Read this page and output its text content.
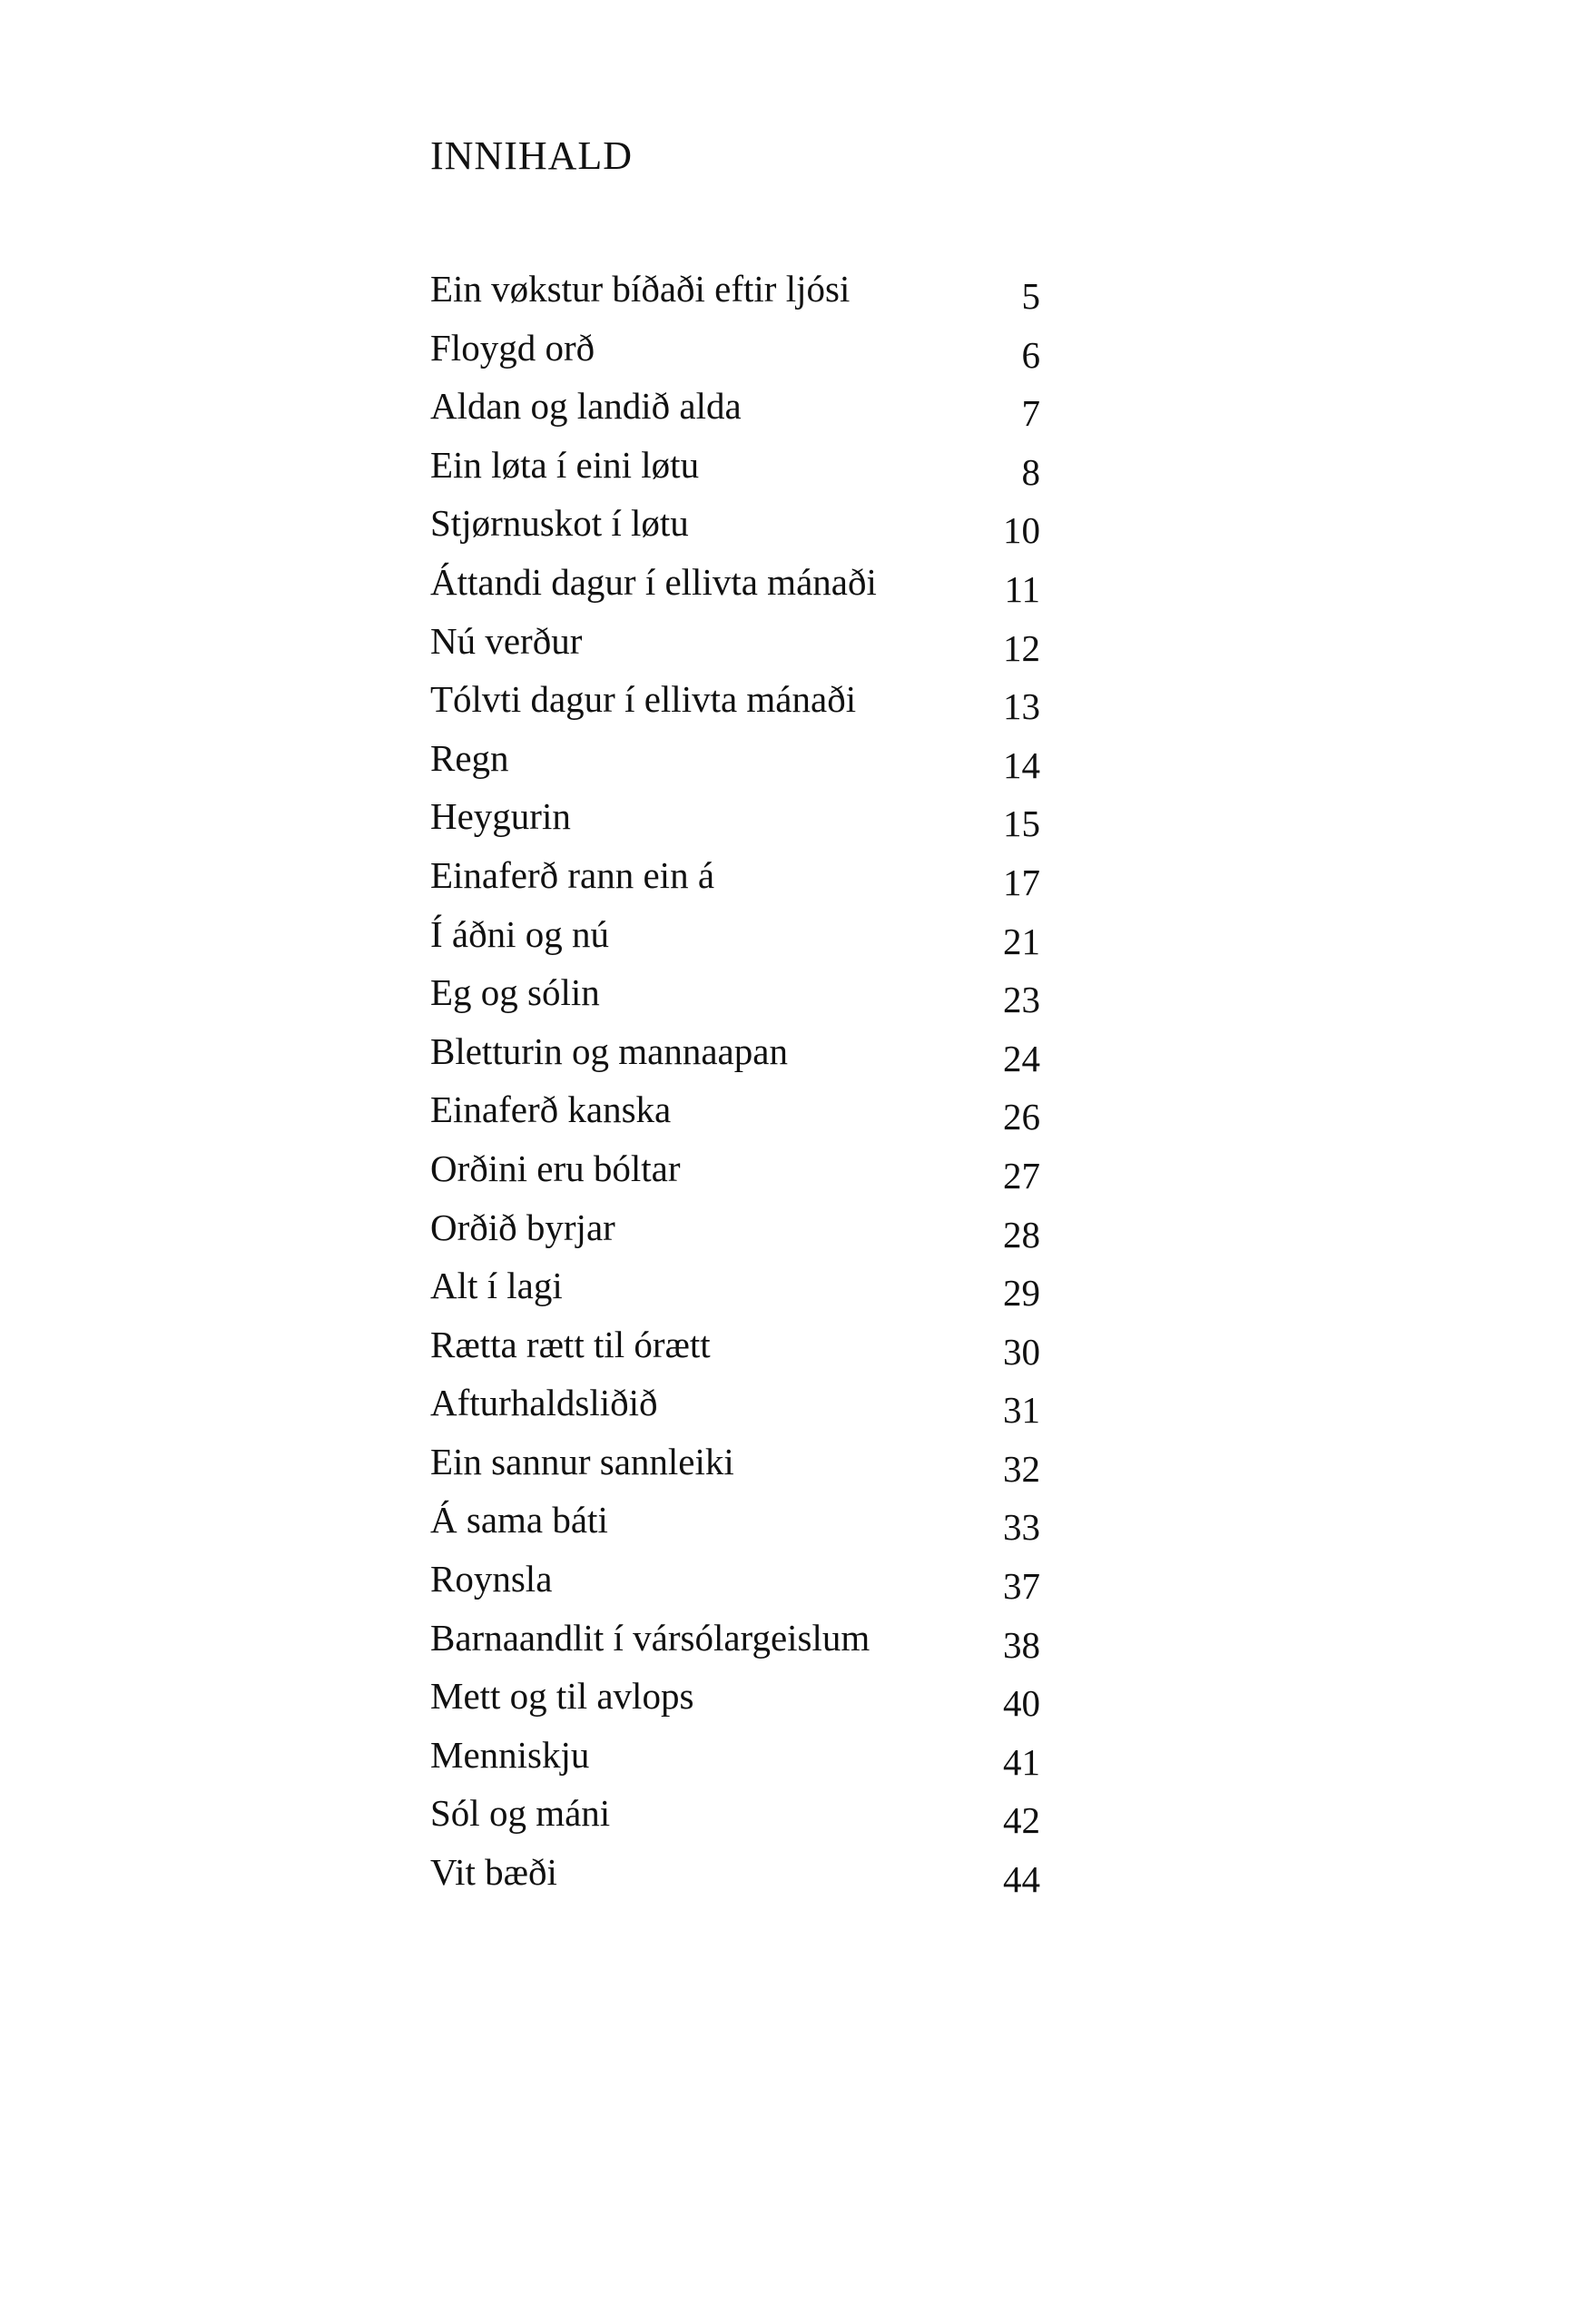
INNIHALD
Ein vøkstur bíðaði eftir ljósi	5
Floygd orð	6
Aldan og landið alda	7
Ein løta í eini løtu	8
Stjørnuskot í løtu	10
Áttandi dagur í ellivta mánaði	11
Nú verður	12
Tólvti dagur í ellivta mánaði	13
Regn	14
Heygurin	15
Einaferð rann ein á	17
Í áðni og nú	21
Eg og sólin	23
Bletturin og mannaapan	24
Einaferð kanska	26
Orðini eru bóltar	27
Orðið byrjar	28
Alt í lagi	29
Rætta rætt til órætt	30
Afturhaldsliðið	31
Ein sannur sannleiki	32
Á sama báti	33
Roynsla	37
Barnaandlit í vársólargeislum	38
Mett og til avlops	40
Menniskju	41
Sól og máni	42
Vit bæði	44
